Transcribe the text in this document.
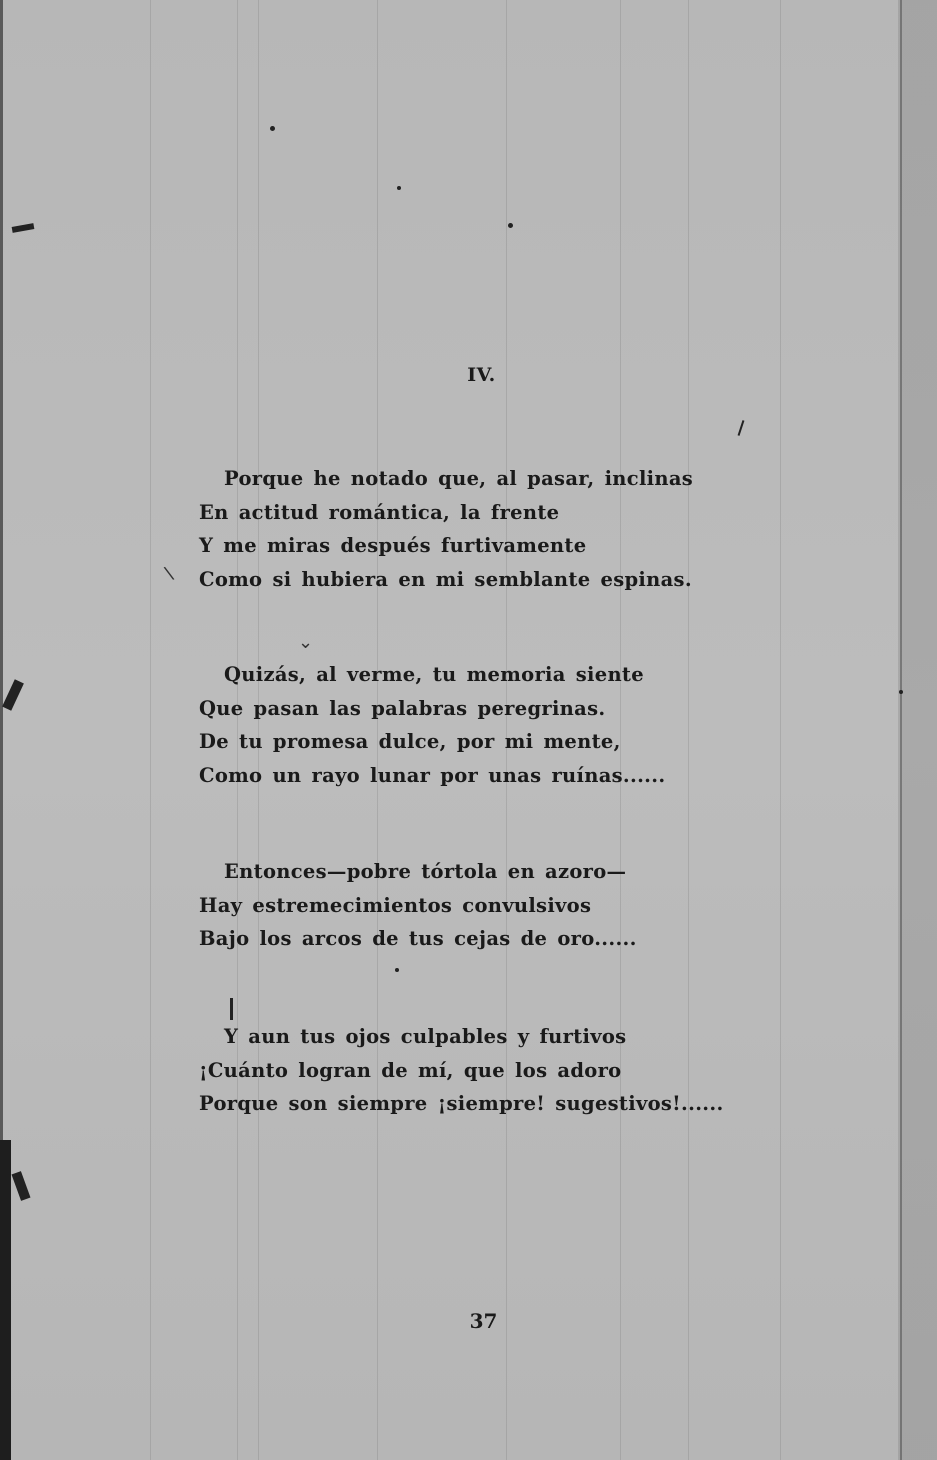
\
⌄
IV.
Porque he notado que, al pasar, inclinas
En actitud romántica, la frente
Y me miras después furtivamente
Como si hubiera en mi semblante espinas.
Quizás, al verme, tu memoria siente
Que pasan las palabras peregrinas.
De tu promesa dulce, por mi mente,
Como un rayo lunar por unas ruínas......
Entonces—pobre tórtola en azoro—
Hay estremecimientos convulsivos
Bajo los arcos de tus cejas de oro......
Y aun tus ojos culpables y furtivos
¡Cuánto logran de mí, que los adoro
Porque son siempre ¡siempre! sugestivos!......
37
